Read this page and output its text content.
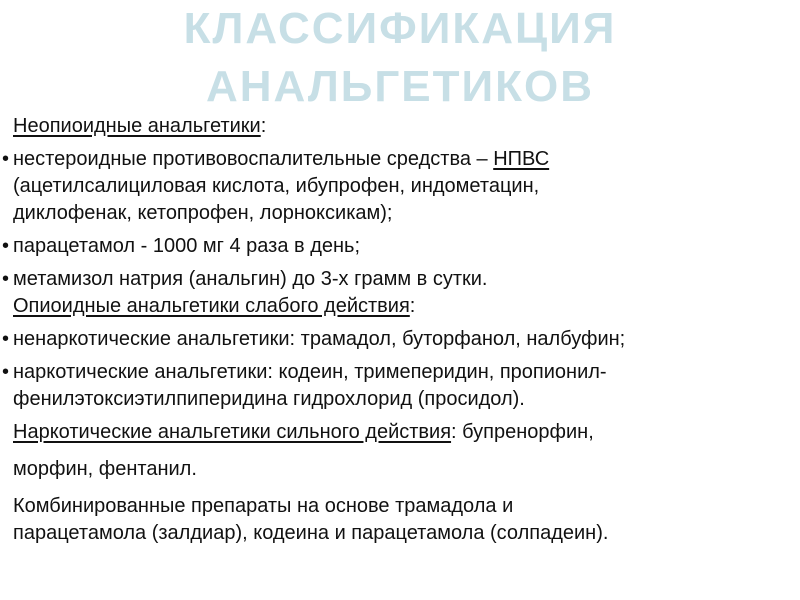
КЛАССИФИКАЦИЯ
АНАЛЬГЕТИКОВ
Неопиоидные анальгетики:
• нестероидные противовоспалительные средства – НПВС
(ацетилсалициловая кислота, ибупрофен, индометацин,
диклофенак, кетопрофен, лорноксикам);
• парацетамол - 1000 мг 4 раза в день;
• метамизол натрия (анальгин) до 3-х грамм в сутки.
Опиоидные анальгетики слабого действия:
• ненаркотические анальгетики: трамадол, буторфанол, налбуфин;
• наркотические анальгетики: кодеин, тримеперидин, пропионил-
фенилэтоксиэтилпиперидина гидрохлорид (просидол).
Наркотические анальгетики сильного действия: бупренорфин,
морфин, фентанил.
Комбинированные препараты на основе трамадола и
парацетамола (залдиар), кодеина и парацетамола (солпадеин).
